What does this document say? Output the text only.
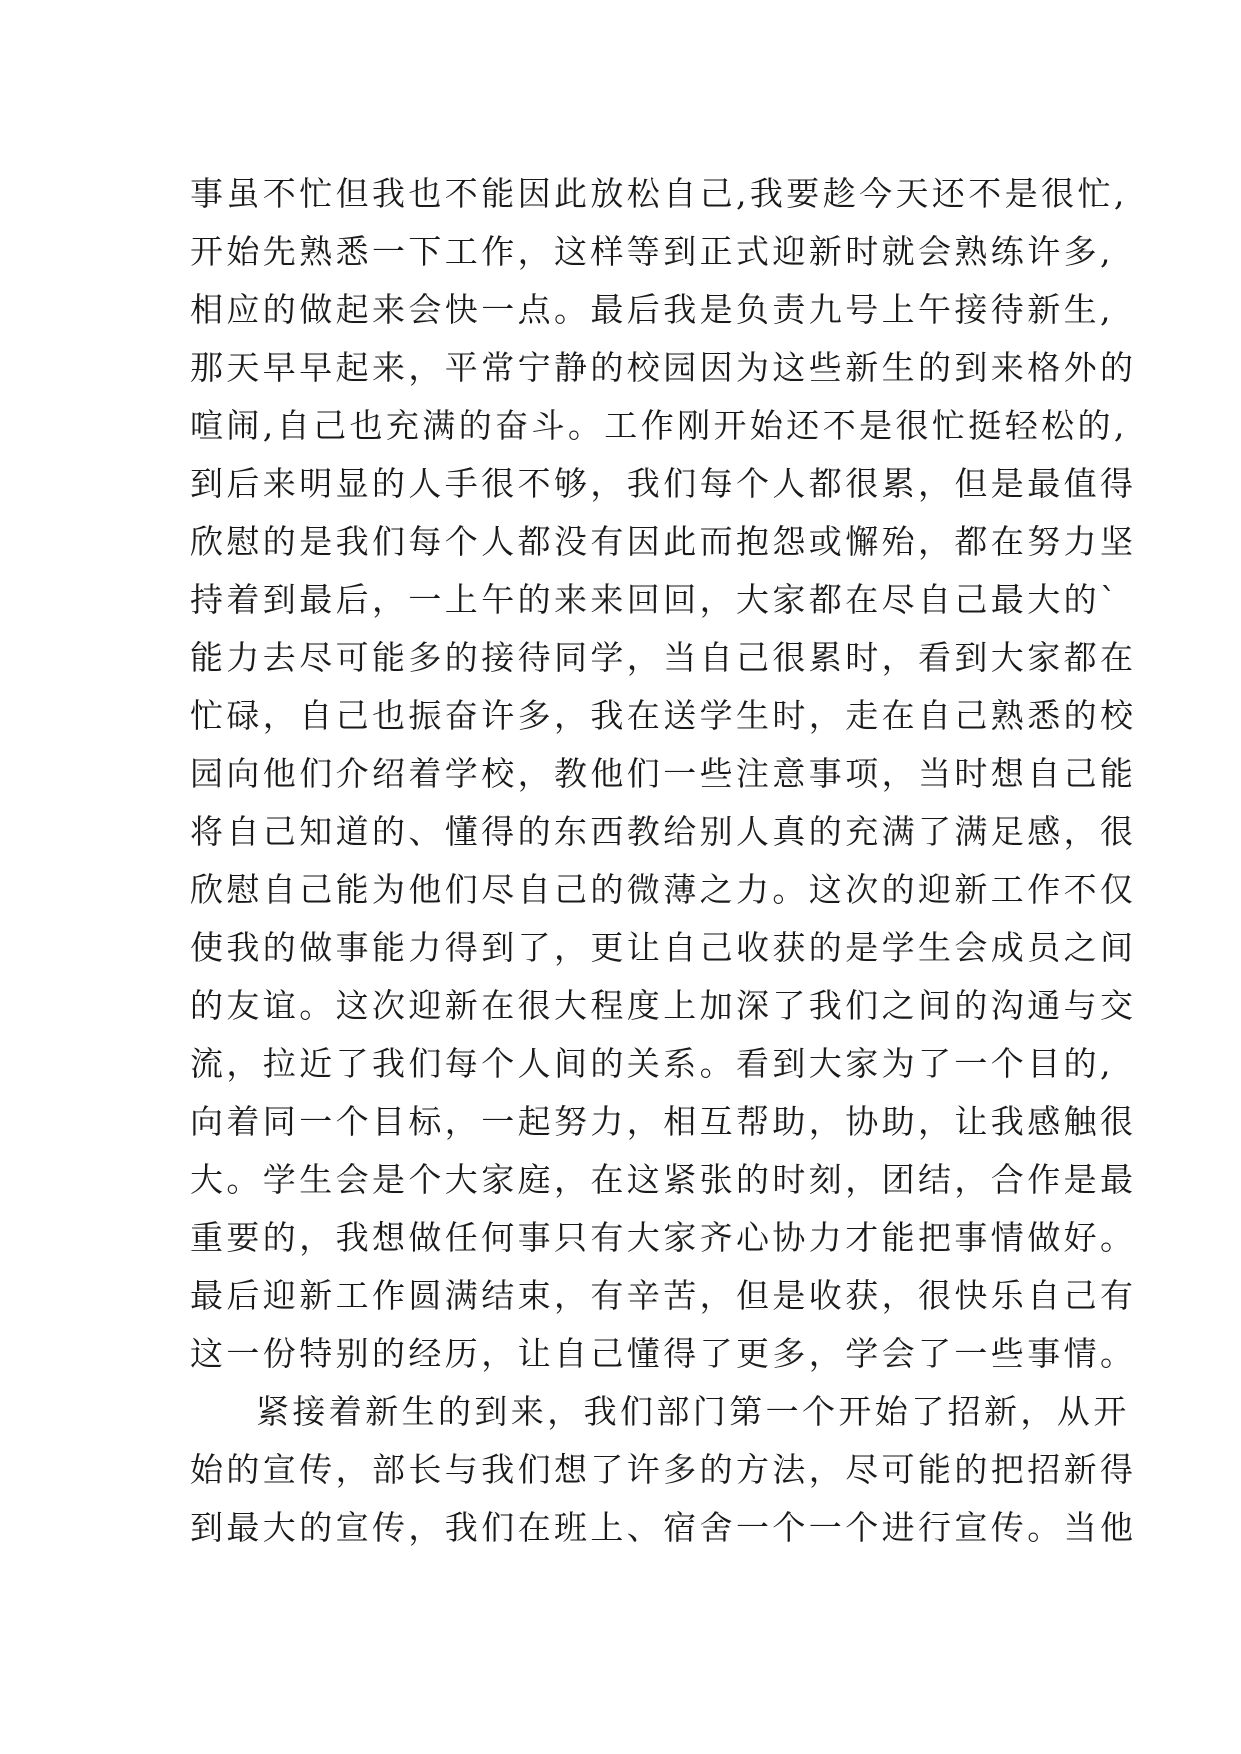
事虽不忙但我也不能因此放松自己,我要趁今天还不是很忙,
开始先熟悉一下工作，这样等到正式迎新时就会熟练许多,
相应的做起来会快一点。最后我是负责九号上午接待新生,
那天早早起来，平常宁静的校园因为这些新生的到来格外的
喧闹,自己也充满的奋斗。工作刚开始还不是很忙挺轻松的,
到后来明显的人手很不够，我们每个人都很累，但是最值得
欣慰的是我们每个人都没有因此而抱怨或懈殆，都在努力坚
持着到最后，一上午的来来回回，大家都在尽自己最大的`
能力去尽可能多的接待同学，当自己很累时，看到大家都在
忙碌，自己也振奋许多，我在送学生时，走在自己熟悉的校
园向他们介绍着学校，教他们一些注意事项，当时想自己能
将自己知道的、懂得的东西教给别人真的充满了满足感，很
欣慰自己能为他们尽自己的微薄之力。这次的迎新工作不仅
使我的做事能力得到了，更让自己收获的是学生会成员之间
的友谊。这次迎新在很大程度上加深了我们之间的沟通与交
流，拉近了我们每个人间的关系。看到大家为了一个目的,
向着同一个目标，一起努力，相互帮助，协助，让我感触很
大。学生会是个大家庭，在这紧张的时刻，团结，合作是最
重要的，我想做任何事只有大家齐心协力才能把事情做好。
最后迎新工作圆满结束，有辛苦，但是收获，很快乐自己有
这一份特别的经历，让自己懂得了更多，学会了一些事情。
紧接着新生的到来，我们部门第一个开始了招新，从开
始的宣传，部长与我们想了许多的方法，尽可能的把招新得
到最大的宣传，我们在班上、宿舍一个一个进行宣传。当他
